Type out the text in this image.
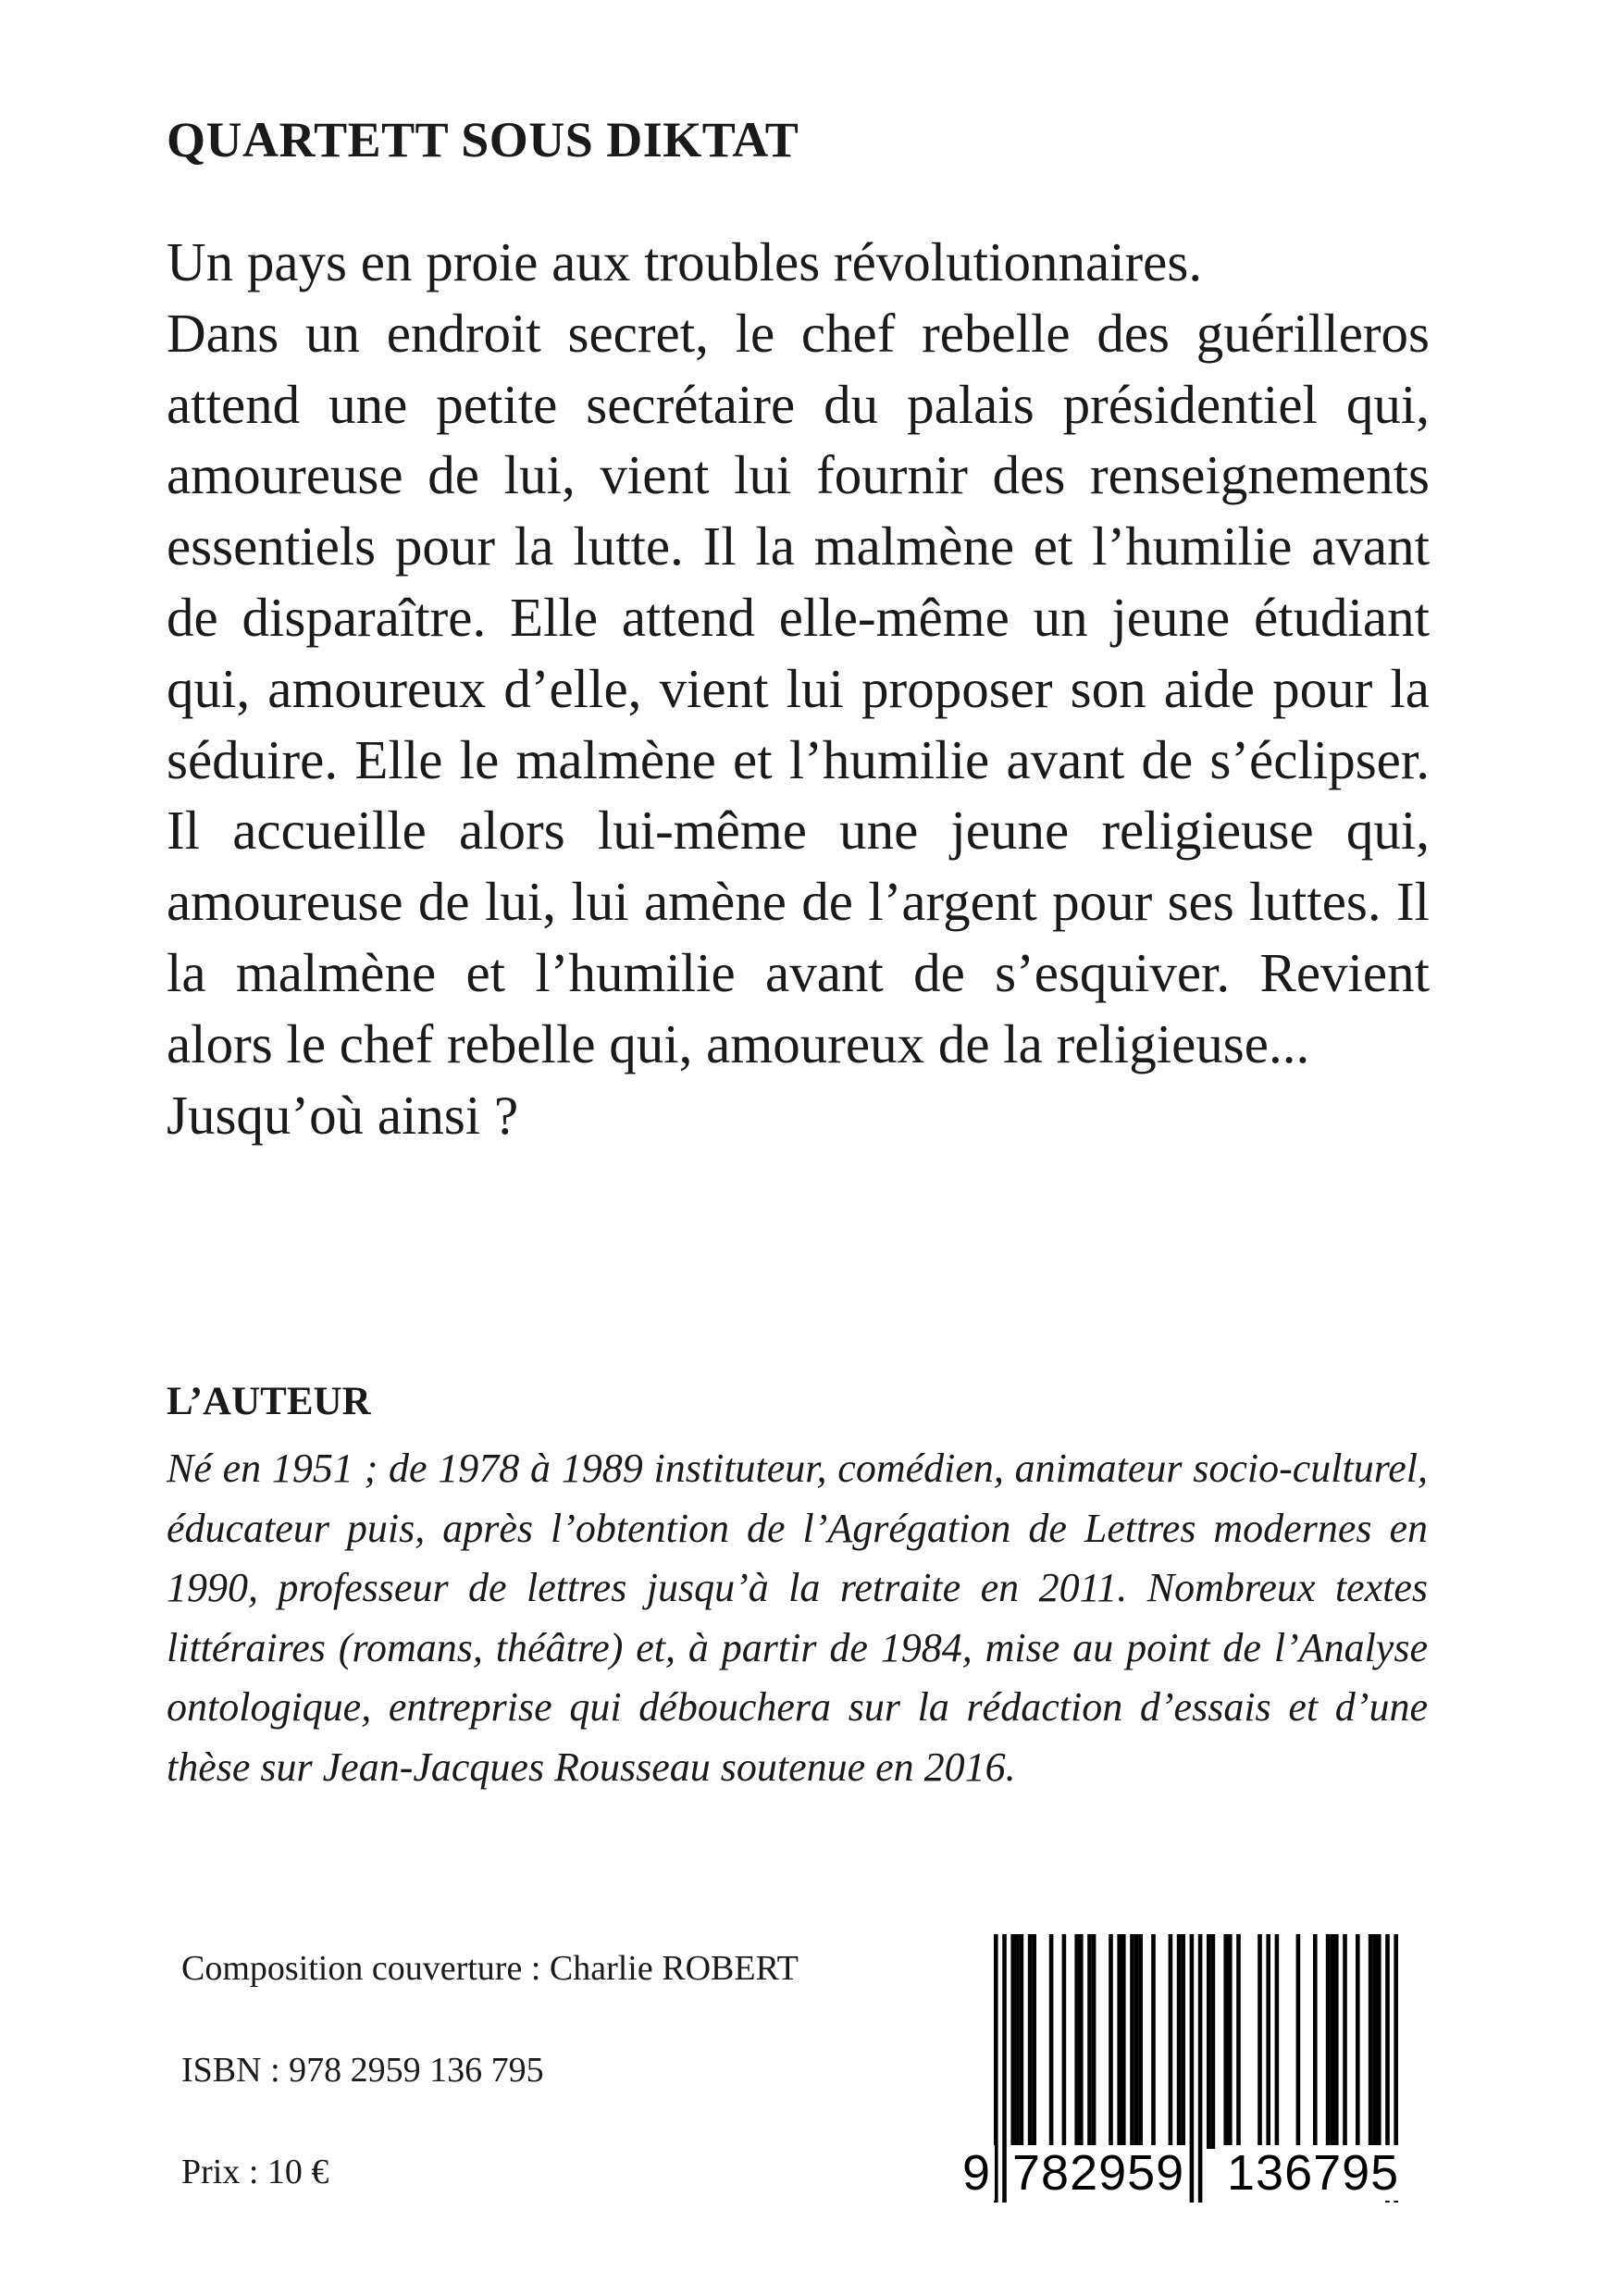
QUARTETT SOUS DIKTAT

Un pays en proie aux troubles révolutionnaires.

Dans un endroit secret, le chef rebelle des guérilleros attend une petite secrétaire du palais présidentiel qui, amoureuse de lui, vient lui fournir des renseignements essentiels pour la lutte. Il la malmène et l’humilie avant de disparaître. Elle attend elle-même un jeune étudiant qui, amoureux d’elle, vient lui proposer son aide pour la séduire. Elle le malmène et l’humilie avant de s’éclipser. Il accueille alors lui-même une jeune religieuse qui, amoureuse de lui, lui amène de l’argent pour ses luttes. Il la malmène et l’humilie avant de s’esquiver. Revient alors le chef rebelle qui, amoureux de la religieuse...

Jusqu’où ainsi ?

L’AUTEUR

Né en 1951 ; de 1978 à 1989 instituteur, comédien, animateur socio-culturel, éducateur puis, après l’obtention de l’Agrégation de Lettres modernes en 1990, professeur de lettres jusqu’à la retraite en 2011. Nombreux textes littéraires (romans, théâtre) et, à partir de 1984, mise au point de l’Analyse ontologique, entreprise qui débouchera sur la rédaction d’essais et d’une thèse sur Jean-Jacques Rousseau soutenue en 2016.

Composition couverture : Charlie ROBERT

ISBN : 978 2959 136 795

Prix : 10 €	9 782959 136795
